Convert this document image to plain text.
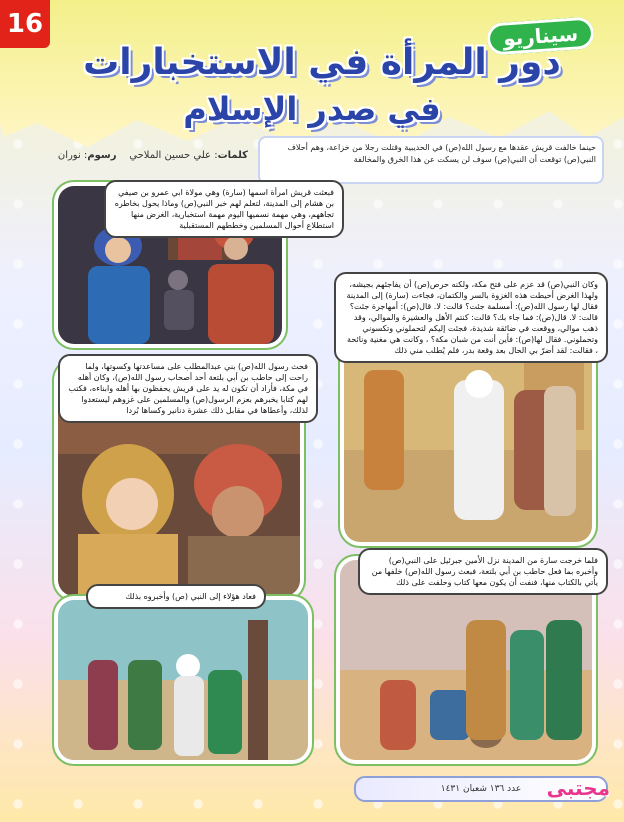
16	سيناريو
دور المرأة في الاستخبارات
في صدر الإسلام
حينما خالفت قريش عقدها مع رسول الله(ص) في الحديبية وقتلت رجلا من خزاعة، وهم أحلاف النبي(ص) توقعت أن النبي(ص) سوف لن يسكت عن هذا الخرق والمخالفة
كلمات: علي حسين الملاحي    رسوم: نوران
فبعثت قريش امرأة اسمها (سارة) وهي مولاة ابي عمرو بن صيفي بن هشام إلى المدينة، لتعلم لهم خبر النبي(ص) وماذا يحول بخاطره تجاههم، وهي مهمة نسميها اليوم مهمة استخبارية، الغرض منها استطلاع أحوال المسلمين وخططهم المستقبلية
وكان النبي(ص) قد عزم على فتح مكة، ولكنه حرص(ص) أن يفاجئهم بجيشه، ولهذا الغرض أحيطت هذه الغزوة بالسر والكتمان، فجاءت (سارة) إلى المدينة فقال لها رسول الله(ص): أمسلمة جئت؟ قالت: لا. قال(ص): أمهاجرة جئت؟ قالت: لا. قال(ص): فما جاء بك؟ قالت: كنتم الأهل والعشيرة والموالي، وقد ذهب موالي، ووقعت في ضائقة شديدة، فجئت إليكم لتحملوني وتكسوني وتحملوني. فقال لها(ص): فأين أنت من شبان مكة؟ ، وكانت هي مغنية ونائحة ، فقالت: لقد أضرّ بي الحال بعد وقعة بدر، فلم يُطلب مني ذلك
فحث رسول الله(ص) بني عبدالمطلب على مساعدتها وكسوتها، ولما راحت إلى حاطب بن أبي بلتعة أحد أصحاب رسول الله(ص)، وكان أهله في مكة، فأراد أن تكون له يد على قريش يحفظون بها أهله وابناءه، فكتب لهم كتابا يخبرهم بعزم الرسول(ص) والمسلمين على غزوهم ليستعدوا لذلك، وأعطاها في مقابل ذلك عشرة دنانير وكساها بُردا
فلما خرجت سارة من المدينة نزل الأمين جبرئيل على النبي(ص) وأخبره بما فعل حاطب بن أبي بلتعة، فبعث رسول الله(ص) خلفها من يأتي بالكتاب منها، فنفت أن يكون معها كتاب وحلفت على ذلك
فعاد هؤلاء إلى النبي (ص) وأخبروه بذلك
عدد ١٣٦ شعبان ١٤٣١	مجتبى
